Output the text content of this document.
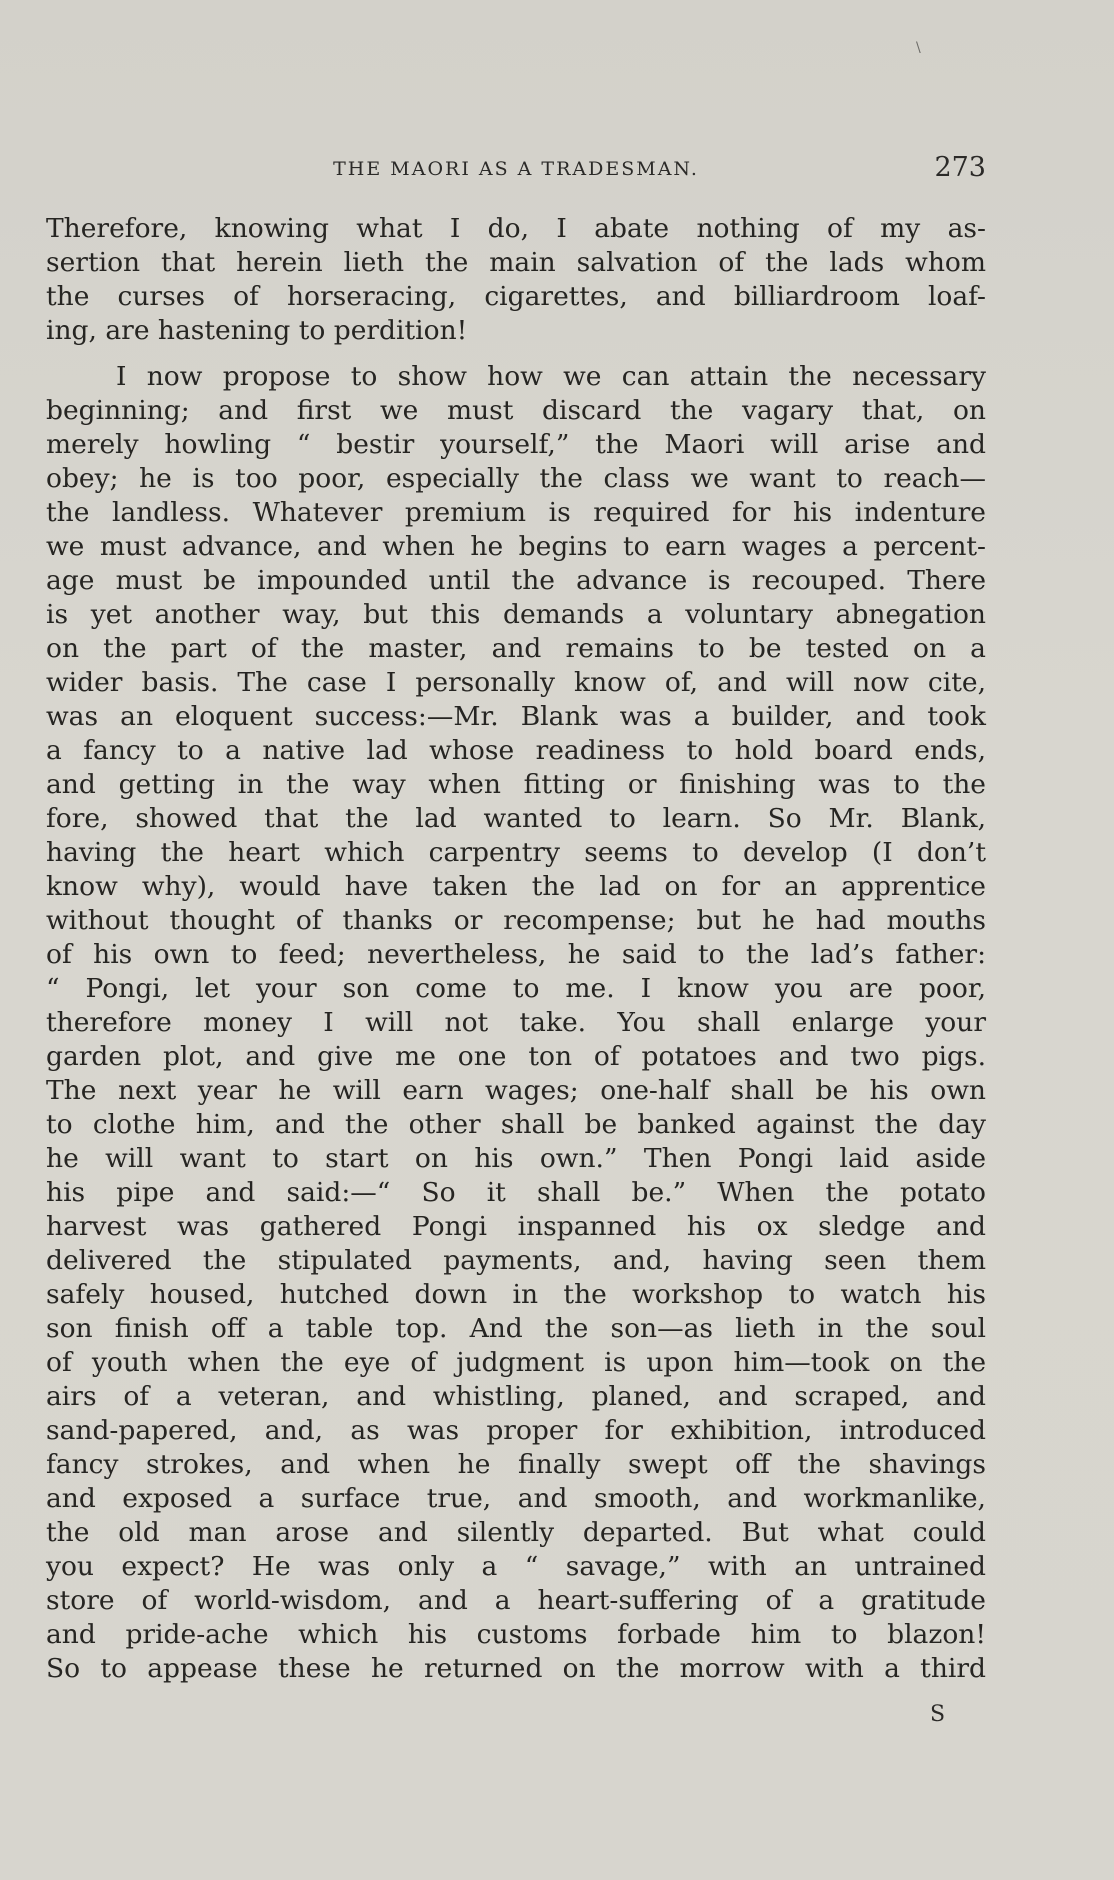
\
THE MAORI AS A TRADESMAN.	273
Therefore, knowing what I do, I abate nothing of my as-
sertion that herein lieth the main salvation of the lads whom
the curses of horseracing, cigarettes, and billiardroom loaf-
ing, are hastening to perdition!
I now propose to show how we can attain the necessary
beginning; and first we must discard the vagary that, on
merely howling “ bestir yourself,” the Maori will arise and
obey; he is too poor, especially the class we want to reach—
the landless. Whatever premium is required for his indenture
we must advance, and when he begins to earn wages a percent-
age must be impounded until the advance is recouped. There
is yet another way, but this demands a voluntary abnegation
on the part of the master, and remains to be tested on a
wider basis. The case I personally know of, and will now cite,
was an eloquent success:—Mr. Blank was a builder, and took
a fancy to a native lad whose readiness to hold board ends,
and getting in the way when fitting or finishing was to the
fore, showed that the lad wanted to learn. So Mr. Blank,
having the heart which carpentry seems to develop (I don’t
know why), would have taken the lad on for an apprentice
without thought of thanks or recompense; but he had mouths
of his own to feed; nevertheless, he said to the lad’s father:
“ Pongi, let your son come to me. I know you are poor,
therefore money I will not take. You shall enlarge your
garden plot, and give me one ton of potatoes and two pigs.
The next year he will earn wages; one-half shall be his own
to clothe him, and the other shall be banked against the day
he will want to start on his own.” Then Pongi laid aside
his pipe and said:—“ So it shall be.” When the potato
harvest was gathered Pongi inspanned his ox sledge and
delivered the stipulated payments, and, having seen them
safely housed, hutched down in the workshop to watch his
son finish off a table top. And the son—as lieth in the soul
of youth when the eye of judgment is upon him—took on the
airs of a veteran, and whistling, planed, and scraped, and
sand-papered, and, as was proper for exhibition, introduced
fancy strokes, and when he finally swept off the shavings
and exposed a surface true, and smooth, and workmanlike,
the old man arose and silently departed. But what could
you expect? He was only a “ savage,” with an untrained
store of world-wisdom, and a heart-suffering of a gratitude
and pride-ache which his customs forbade him to blazon!
So to appease these he returned on the morrow with a third
S
